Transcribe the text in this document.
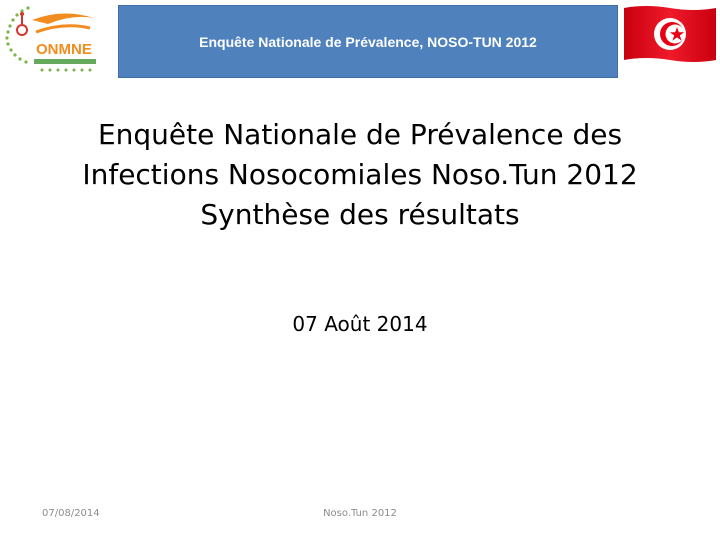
ONMNE	Enquête Nationale de Prévalence, NOSO-TUN 2012
Enquête Nationale de Prévalence des
Infections Nosocomiales Noso.Tun 2012
Synthèse des résultats
07 Août 2014
07/08/2014	Noso.Tun 2012
